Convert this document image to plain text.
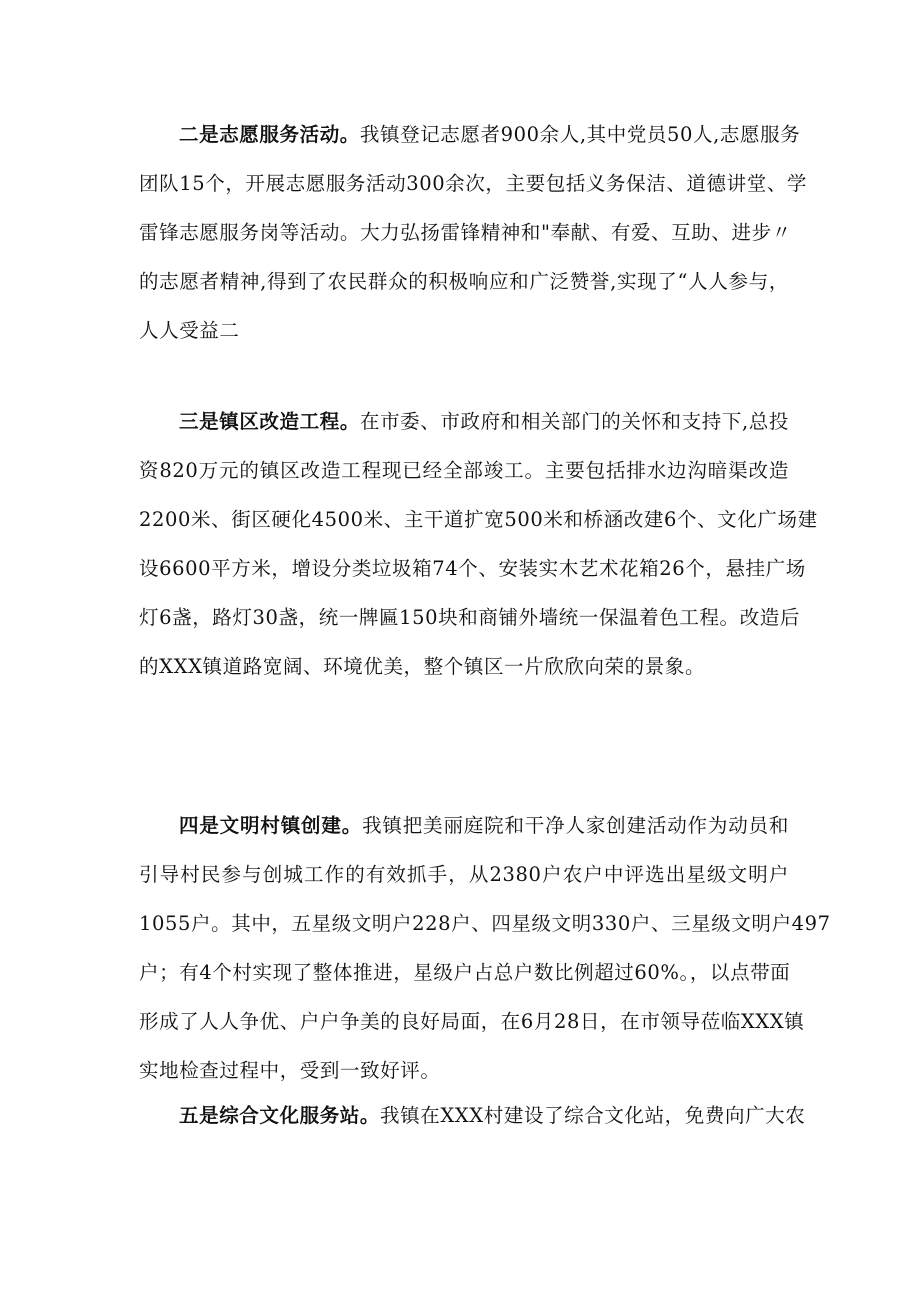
二是志愿服务活动。我镇登记志愿者900余人,其中党员50人,志愿服务
团队15个，开展志愿服务活动300余次，主要包括义务保洁、道德讲堂、学
雷锋志愿服务岗等活动。大力弘扬雷锋精神和"奉献、有爱、互助、进步〃
的志愿者精神,得到了农民群众的积极响应和广泛赞誉,实现了“人人参与，
人人受益二
三是镇区改造工程。在市委、市政府和相关部门的关怀和支持下,总投
资820万元的镇区改造工程现已经全部竣工。主要包括排水边沟暗渠改造
2200米、街区硬化4500米、主干道扩宽500米和桥涵改建6个、文化广场建
设6600平方米，增设分类垃圾箱74个、安装实木艺术花箱26个，悬挂广场
灯6盏，路灯30盏，统一牌匾150块和商铺外墙统一保温着色工程。改造后
的XXX镇道路宽阔、环境优美，整个镇区一片欣欣向荣的景象。
四是文明村镇创建。我镇把美丽庭院和干净人家创建活动作为动员和
引导村民参与创城工作的有效抓手，从2380户农户中评选出星级文明户
1055户。其中，五星级文明户228户、四星级文明330户、三星级文明户497
户；有4个村实现了整体推进，星级户占总户数比例超过60%。，以点带面
形成了人人争优、户户争美的良好局面，在6月28日，在市领导莅临XXX镇
实地检查过程中，受到一致好评。
五是综合文化服务站。我镇在XXX村建设了综合文化站，免费向广大农
